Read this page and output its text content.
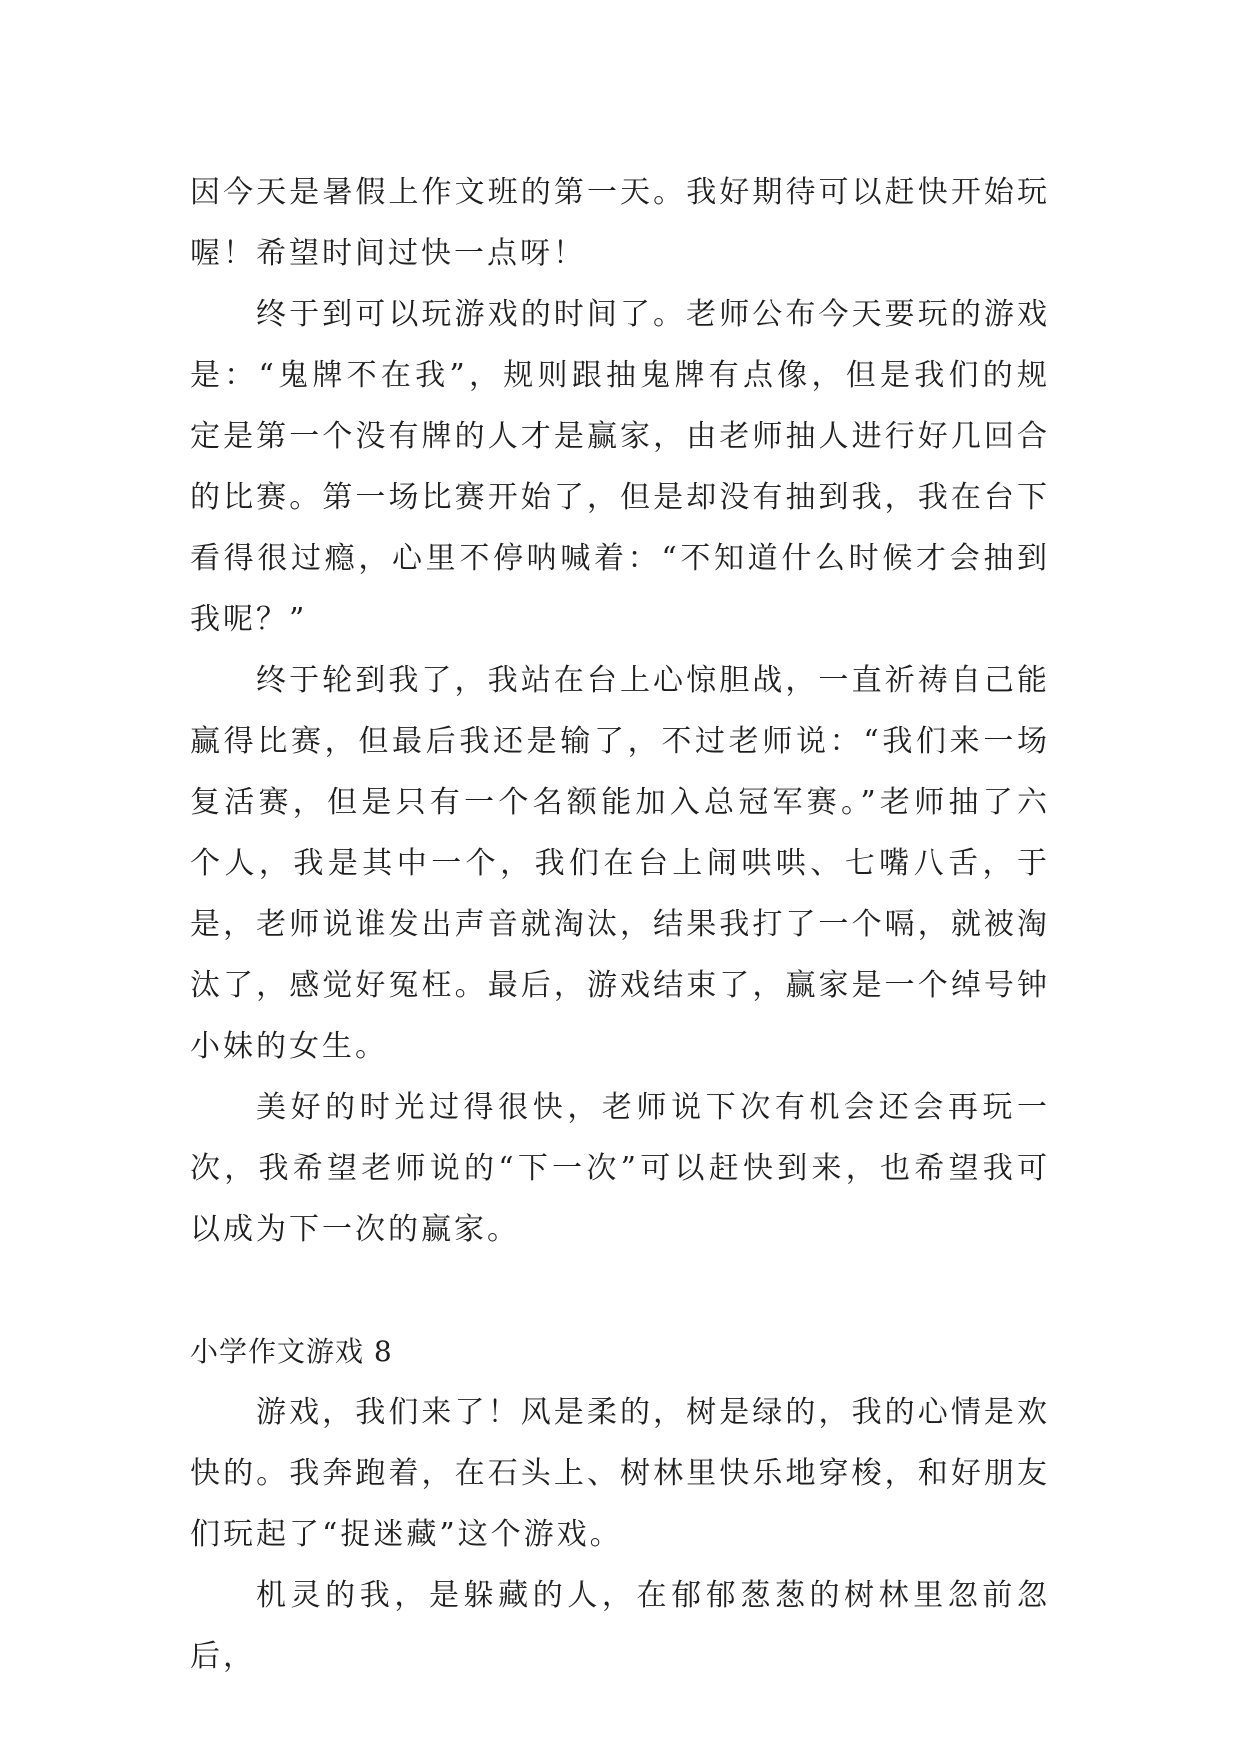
因今天是暑假上作文班的第一天。我好期待可以赶快开始玩喔！希望时间过快一点呀！

终于到可以玩游戏的时间了。老师公布今天要玩的游戏是：“鬼牌不在我”，规则跟抽鬼牌有点像，但是我们的规定是第一个没有牌的人才是赢家，由老师抽人进行好几回合的比赛。第一场比赛开始了，但是却没有抽到我，我在台下看得很过瘾，心里不停呐喊着：“不知道什么时候才会抽到我呢？”

终于轮到我了，我站在台上心惊胆战，一直祈祷自己能赢得比赛，但最后我还是输了，不过老师说：“我们来一场复活赛，但是只有一个名额能加入总冠军赛。”老师抽了六个人，我是其中一个，我们在台上闹哄哄、七嘴八舌，于是，老师说谁发出声音就淘汰，结果我打了一个嗝，就被淘汰了，感觉好冤枉。最后，游戏结束了，赢家是一个绰号钟小妹的女生。

美好的时光过得很快，老师说下次有机会还会再玩一次，我希望老师说的“下一次”可以赶快到来，也希望我可以成为下一次的赢家。

小学作文游戏 8

游戏，我们来了！风是柔的，树是绿的，我的心情是欢快的。我奔跑着，在石头上、树林里快乐地穿梭，和好朋友们玩起了“捉迷藏”这个游戏。

机灵的我，是躲藏的人，在郁郁葱葱的树林里忽前忽后，
